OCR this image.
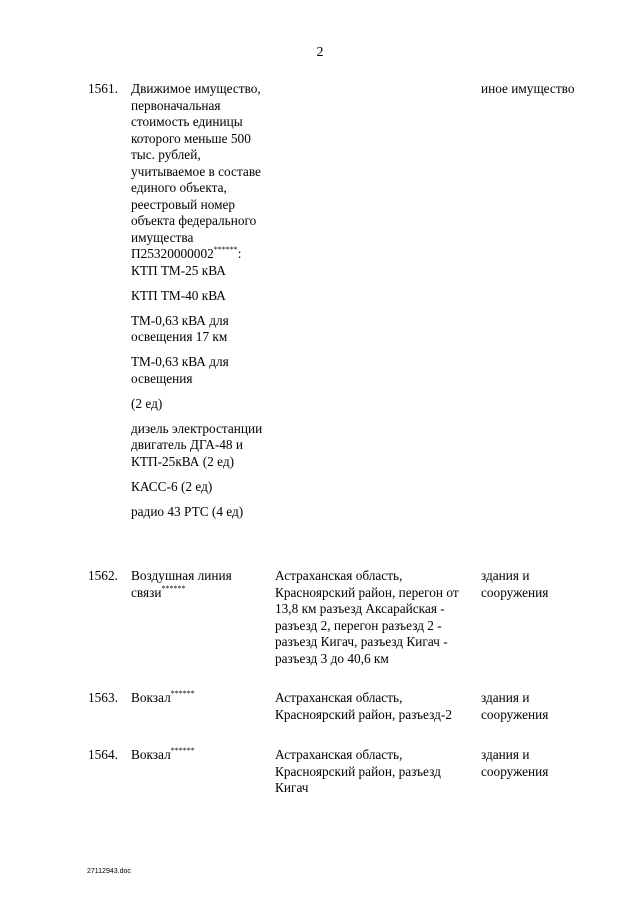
2
1561. Движимое имущество, первоначальная стоимость единицы которого меньше 500 тыс. рублей, учитываемое в составе единого объекта, реестровый номер объекта федерального имущества П25320000002******: КТП ТМ-25 кВА
КТП ТМ-40 кВА
ТМ-0,63 кВА для освещения 17 км
ТМ-0,63 кВА для освещения
(2 ед)
дизель электростанции двигатель ДГА-48 и КТП-25кВА (2 ед)
КАСС-6 (2 ед)
радио 43 РТС (4 ед)
иное имущество
1562. Воздушная линия связи******
Астраханская область, Красноярский район, перегон от 13,8 км разъезд Аксарайская - разъезд 2, перегон разъезд 2 - разъезд Кигач, разъезд Кигач - разъезд 3 до 40,6 км
здания и сооружения
1563. Вокзал******	Астраханская область, Красноярский район, разъезд-2
здания и сооружения
1564. Вокзал******	Астраханская область, Красноярский район, разъезд Кигач
здания и сооружения
27112943.doc
